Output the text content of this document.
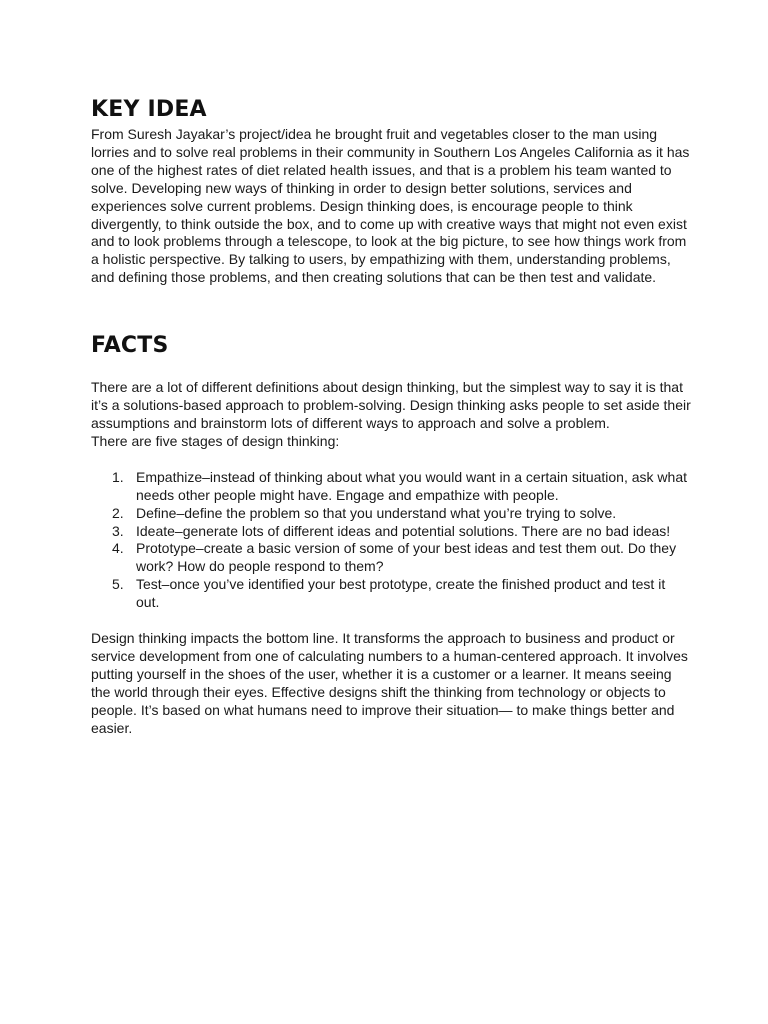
KEY IDEA

From Suresh Jayakar’s project/idea he brought fruit and vegetables closer to the man using lorries and to solve real problems in their community in Southern Los Angeles California as it has one of the highest rates of diet related health issues, and that is a problem his team wanted to solve. Developing new ways of thinking in order to design better solutions, services and experiences solve current problems. Design thinking does, is encourage people to think divergently, to think outside the box, and to come up with creative ways that might not even exist and to look problems through a telescope, to look at the big picture, to see how things work from a holistic perspective. By talking to users, by empathizing with them, understanding problems, and defining those problems, and then creating solutions that can be then test and validate.

FACTS

There are a lot of different definitions about design thinking, but the simplest way to say it is that it’s a solutions-based approach to problem-solving. Design thinking asks people to set aside their assumptions and brainstorm lots of different ways to approach and solve a problem.

There are five stages of design thinking:

1. Empathize–instead of thinking about what you would want in a certain situation, ask what needs other people might have. Engage and empathize with people.
2. Define–define the problem so that you understand what you’re trying to solve.
3. Ideate–generate lots of different ideas and potential solutions. There are no bad ideas!
4. Prototype–create a basic version of some of your best ideas and test them out. Do they work? How do people respond to them?
5. Test–once you’ve identified your best prototype, create the finished product and test it out.

Design thinking impacts the bottom line. It transforms the approach to business and product or service development from one of calculating numbers to a human-centered approach. It involves putting yourself in the shoes of the user, whether it is a customer or a learner. It means seeing the world through their eyes. Effective designs shift the thinking from technology or objects to people. It’s based on what humans need to improve their situation— to make things better and easier.
